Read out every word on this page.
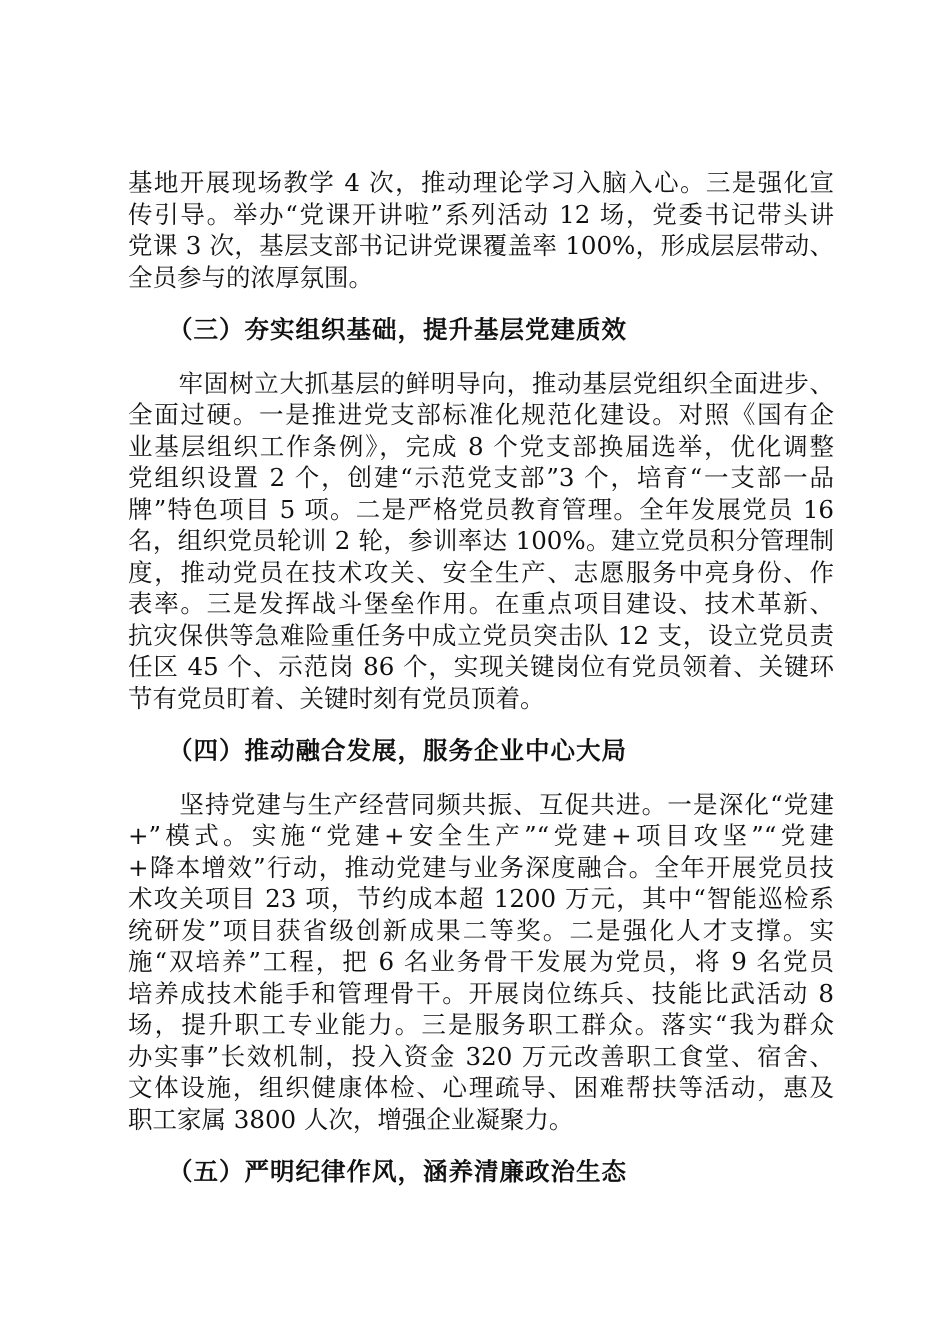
基地开展现场教学 4 次，推动理论学习入脑入心。三是强化宣
传引导。举办“党课开讲啦”系列活动 12 场，党委书记带头讲
党课 3 次，基层支部书记讲党课覆盖率 100%，形成层层带动、
全员参与的浓厚氛围。
（三）夯实组织基础，提升基层党建质效
　　牢固树立大抓基层的鲜明导向，推动基层党组织全面进步、
全面过硬。一是推进党支部标准化规范化建设。对照《国有企
业基层组织工作条例》，完成 8 个党支部换届选举，优化调整
党组织设置 2 个，创建“示范党支部”3 个，培育“一支部一品
牌”特色项目 5 项。二是严格党员教育管理。全年发展党员 16
名，组织党员轮训 2 轮，参训率达 100%。建立党员积分管理制
度，推动党员在技术攻关、安全生产、志愿服务中亮身份、作
表率。三是发挥战斗堡垒作用。在重点项目建设、技术革新、
抗灾保供等急难险重任务中成立党员突击队 12 支，设立党员责
任区 45 个、示范岗 86 个，实现关键岗位有党员领着、关键环
节有党员盯着、关键时刻有党员顶着。
（四）推动融合发展，服务企业中心大局
　　坚持党建与生产经营同频共振、互促共进。一是深化“党建
+”模式。实施“党建+安全生产”“党建+项目攻坚”“党建
+降本增效”行动，推动党建与业务深度融合。全年开展党员技
术攻关项目 23 项，节约成本超 1200 万元，其中“智能巡检系
统研发”项目获省级创新成果二等奖。二是强化人才支撑。实
施“双培养”工程，把 6 名业务骨干发展为党员，将 9 名党员
培养成技术能手和管理骨干。开展岗位练兵、技能比武活动 8
场，提升职工专业能力。三是服务职工群众。落实“我为群众
办实事”长效机制，投入资金 320 万元改善职工食堂、宿舍、
文体设施，组织健康体检、心理疏导、困难帮扶等活动，惠及
职工家属 3800 人次，增强企业凝聚力。
（五）严明纪律作风，涵养清廉政治生态
